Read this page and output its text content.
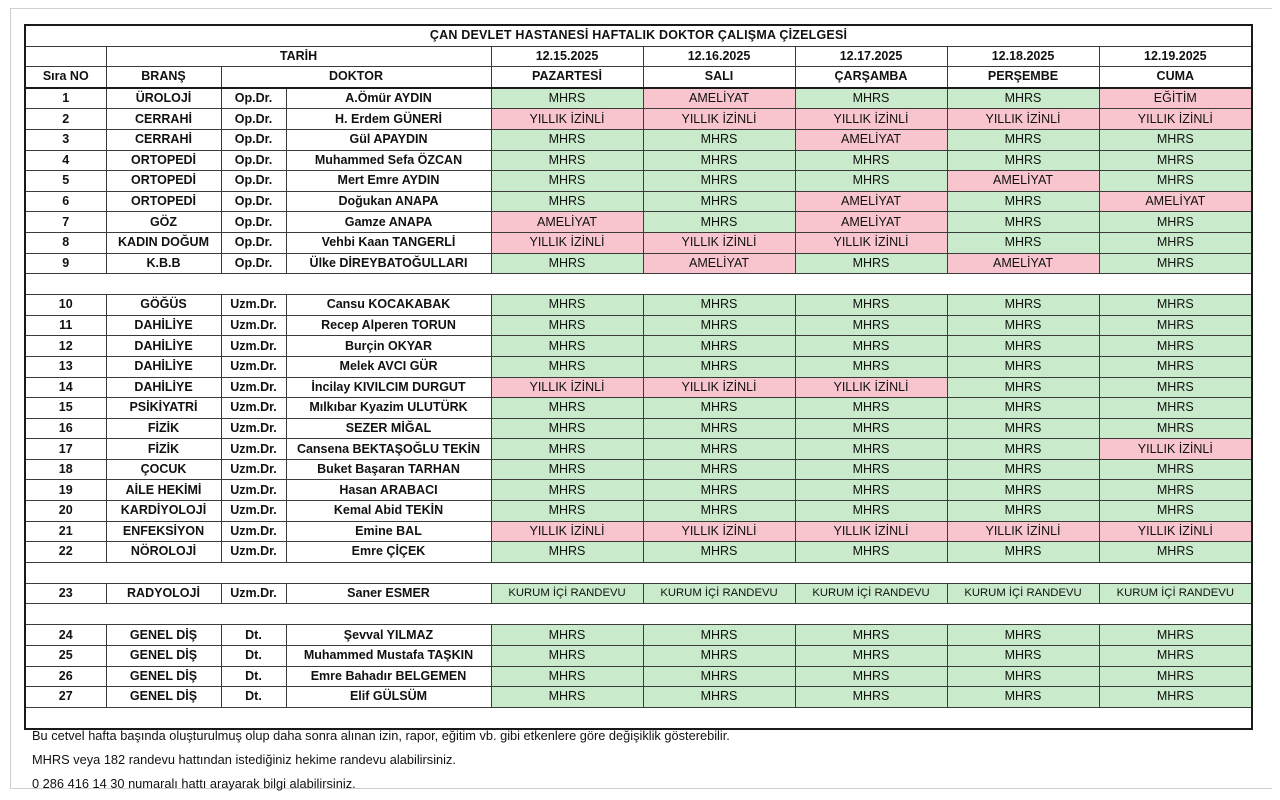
ÇAN DEVLET HASTANESİ HAFTALIK DOKTOR ÇALIŞMA ÇİZELGESİ								
	TARİH			12.15.2025	12.16.2025	12.17.2025	12.18.2025	12.19.2025
Sıra NO	BRANŞ	DOKTOR		PAZARTESİ	SALI	ÇARŞAMBA	PERŞEMBE	CUMA
1	ÜROLOJİ	Op.Dr.	A.Ömür AYDIN	MHRS	AMELİYAT	MHRS	MHRS	EĞİTİM
2	CERRAHİ	Op.Dr.	H. Erdem GÜNERİ	YILLIK İZİNLİ	YILLIK İZİNLİ	YILLIK İZİNLİ	YILLIK İZİNLİ	YILLIK İZİNLİ
3	CERRAHİ	Op.Dr.	Gül APAYDIN	MHRS	MHRS	AMELİYAT	MHRS	MHRS
4	ORTOPEDİ	Op.Dr.	Muhammed Sefa ÖZCAN	MHRS	MHRS	MHRS	MHRS	MHRS
5	ORTOPEDİ	Op.Dr.	Mert Emre AYDIN	MHRS	MHRS	MHRS	AMELİYAT	MHRS
6	ORTOPEDİ	Op.Dr.	Doğukan ANAPA	MHRS	MHRS	AMELİYAT	MHRS	AMELİYAT
7	GÖZ	Op.Dr.	Gamze ANAPA	AMELİYAT	MHRS	AMELİYAT	MHRS	MHRS
8	KADIN DOĞUM	Op.Dr.	Vehbi Kaan TANGERLİ	YILLIK İZİNLİ	YILLIK İZİNLİ	YILLIK İZİNLİ	MHRS	MHRS
9	K.B.B	Op.Dr.	Ülke DİREYBATOĞULLARI	MHRS	AMELİYAT	MHRS	AMELİYAT	MHRS

10	GÖĞÜS	Uzm.Dr.	Cansu KOCAKABAK	MHRS	MHRS	MHRS	MHRS	MHRS
11	DAHİLİYE	Uzm.Dr.	Recep Alperen TORUN	MHRS	MHRS	MHRS	MHRS	MHRS
12	DAHİLİYE	Uzm.Dr.	Burçin OKYAR	MHRS	MHRS	MHRS	MHRS	MHRS
13	DAHİLİYE	Uzm.Dr.	Melek AVCI GÜR	MHRS	MHRS	MHRS	MHRS	MHRS
14	DAHİLİYE	Uzm.Dr.	İncilay KIVILCIM DURGUT	YILLIK İZİNLİ	YILLIK İZİNLİ	YILLIK İZİNLİ	MHRS	MHRS
15	PSİKİYATRİ	Uzm.Dr.	Mılkıbar Kyazim ULUTÜRK	MHRS	MHRS	MHRS	MHRS	MHRS
16	FİZİK	Uzm.Dr.	SEZER MİĞAL	MHRS	MHRS	MHRS	MHRS	MHRS
17	FİZİK	Uzm.Dr.	Cansena BEKTAŞOĞLU TEKİN	MHRS	MHRS	MHRS	MHRS	YILLIK İZİNLİ
18	ÇOCUK	Uzm.Dr.	Buket Başaran TARHAN	MHRS	MHRS	MHRS	MHRS	MHRS
19	AİLE HEKİMİ	Uzm.Dr.	Hasan ARABACI	MHRS	MHRS	MHRS	MHRS	MHRS
20	KARDİYOLOJİ	Uzm.Dr.	Kemal Abid TEKİN	MHRS	MHRS	MHRS	MHRS	MHRS
21	ENFEKSİYON	Uzm.Dr.	Emine BAL	YILLIK İZİNLİ	YILLIK İZİNLİ	YILLIK İZİNLİ	YILLIK İZİNLİ	YILLIK İZİNLİ
22	NÖROLOJİ	Uzm.Dr.	Emre ÇİÇEK	MHRS	MHRS	MHRS	MHRS	MHRS

23	RADYOLOJİ	Uzm.Dr.	Saner ESMER	KURUM İÇİ RANDEVU	KURUM İÇİ RANDEVU	KURUM İÇİ RANDEVU	KURUM İÇİ RANDEVU	KURUM İÇİ RANDEVU

24	GENEL DİŞ	Dt.	Şevval YILMAZ	MHRS	MHRS	MHRS	MHRS	MHRS
25	GENEL DİŞ	Dt.	Muhammed Mustafa TAŞKIN	MHRS	MHRS	MHRS	MHRS	MHRS
26	GENEL DİŞ	Dt.	Emre Bahadır BELGEMEN	MHRS	MHRS	MHRS	MHRS	MHRS
27	GENEL DİŞ	Dt.	Elif GÜLSÜM	MHRS	MHRS	MHRS	MHRS	MHRS

Bu cetvel hafta başında oluşturulmuş olup daha sonra alınan izin, rapor, eğitim vb. gibi etkenlere göre değişiklik gösterebilir.

MHRS veya 182 randevu hattından istediğiniz hekime randevu alabilirsiniz.

0 286 416 14 30 numaralı hattı arayarak bilgi alabilirsiniz.
